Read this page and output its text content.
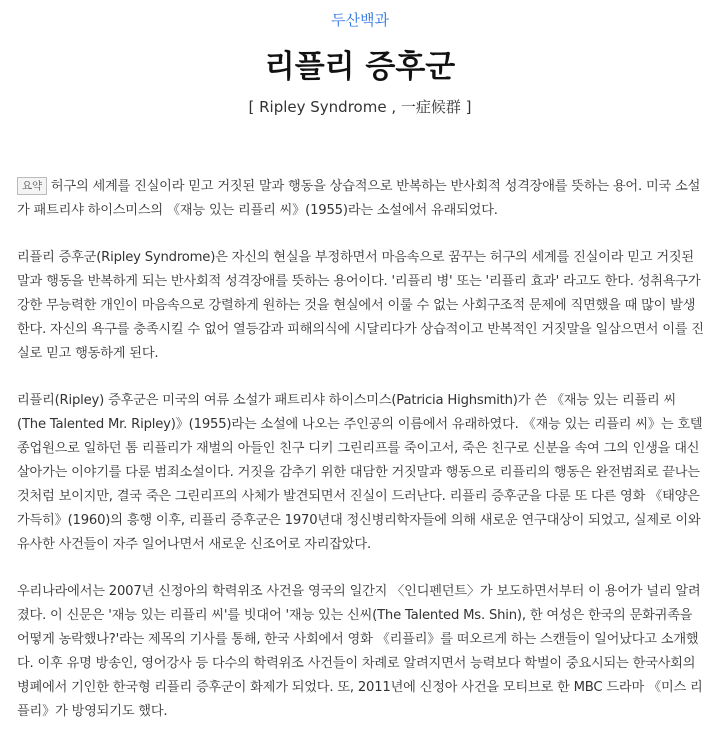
두산백과
리플리 증후군
[ Ripley Syndrome , 一症候群 ]

요약 허구의 세계를 진실이라 믿고 거짓된 말과 행동을 상습적으로 반복하는 반사회적 성격장애를 뜻하는 용어. 미국 소설가 패트리샤 하이스미스의 《재능 있는 리플리 씨》(1955)라는 소설에서 유래되었다.

리플리 증후군(Ripley Syndrome)은 자신의 현실을 부정하면서 마음속으로 꿈꾸는 허구의 세계를 진실이라 믿고 거짓된 말과 행동을 반복하게 되는 반사회적 성격장애를 뜻하는 용어이다. '리플리 병' 또는 '리플리 효과' 라고도 한다. 성취욕구가 강한 무능력한 개인이 마음속으로 강렬하게 원하는 것을 현실에서 이룰 수 없는 사회구조적 문제에 직면했을 때 많이 발생한다. 자신의 욕구를 충족시킬 수 없어 열등감과 피해의식에 시달리다가 상습적이고 반복적인 거짓말을 일삼으면서 이를 진실로 믿고 행동하게 된다.

리플리(Ripley) 증후군은 미국의 여류 소설가 패트리샤 하이스미스(Patricia Highsmith)가 쓴 《재능 있는 리플리 씨 (The Talented Mr. Ripley)》(1955)라는 소설에 나오는 주인공의 이름에서 유래하였다. 《재능 있는 리플리 씨》는 호텔 종업원으로 일하던 톰 리플리가 재벌의 아들인 친구 디키 그린리프를 죽이고서, 죽은 친구로 신분을 속여 그의 인생을 대신 살아가는 이야기를 다룬 범죄소설이다. 거짓을 감추기 위한 대담한 거짓말과 행동으로 리플리의 행동은 완전범죄로 끝나는 것처럼 보이지만, 결국 죽은 그린리프의 사체가 발견되면서 진실이 드러난다. 리플리 증후군을 다룬 또 다른 영화 《태양은 가득히》(1960)의 흥행 이후, 리플리 증후군은 1970년대 정신병리학자들에 의해 새로운 연구대상이 되었고, 실제로 이와 유사한 사건들이 자주 일어나면서 새로운 신조어로 자리잡았다.

우리나라에서는 2007년 신정아의 학력위조 사건을 영국의 일간지 〈인디펜던트〉가 보도하면서부터 이 용어가 널리 알려졌다. 이 신문은 '재능 있는 리플리 씨'를 빗대어 '재능 있는 신씨(The Talented Ms. Shin), 한 여성은 한국의 문화귀족을 어떻게 농락했나?'라는 제목의 기사를 통해, 한국 사회에서 영화 《리플리》를 떠오르게 하는 스캔들이 일어났다고 소개했다. 이후 유명 방송인, 영어강사 등 다수의 학력위조 사건들이 차례로 알려지면서 능력보다 학벌이 중요시되는 한국사회의 병폐에서 기인한 한국형 리플리 증후군이 화제가 되었다. 또, 2011년에 신정아 사건을 모티브로 한 MBC 드라마 《미스 리플리》가 방영되기도 했다.
